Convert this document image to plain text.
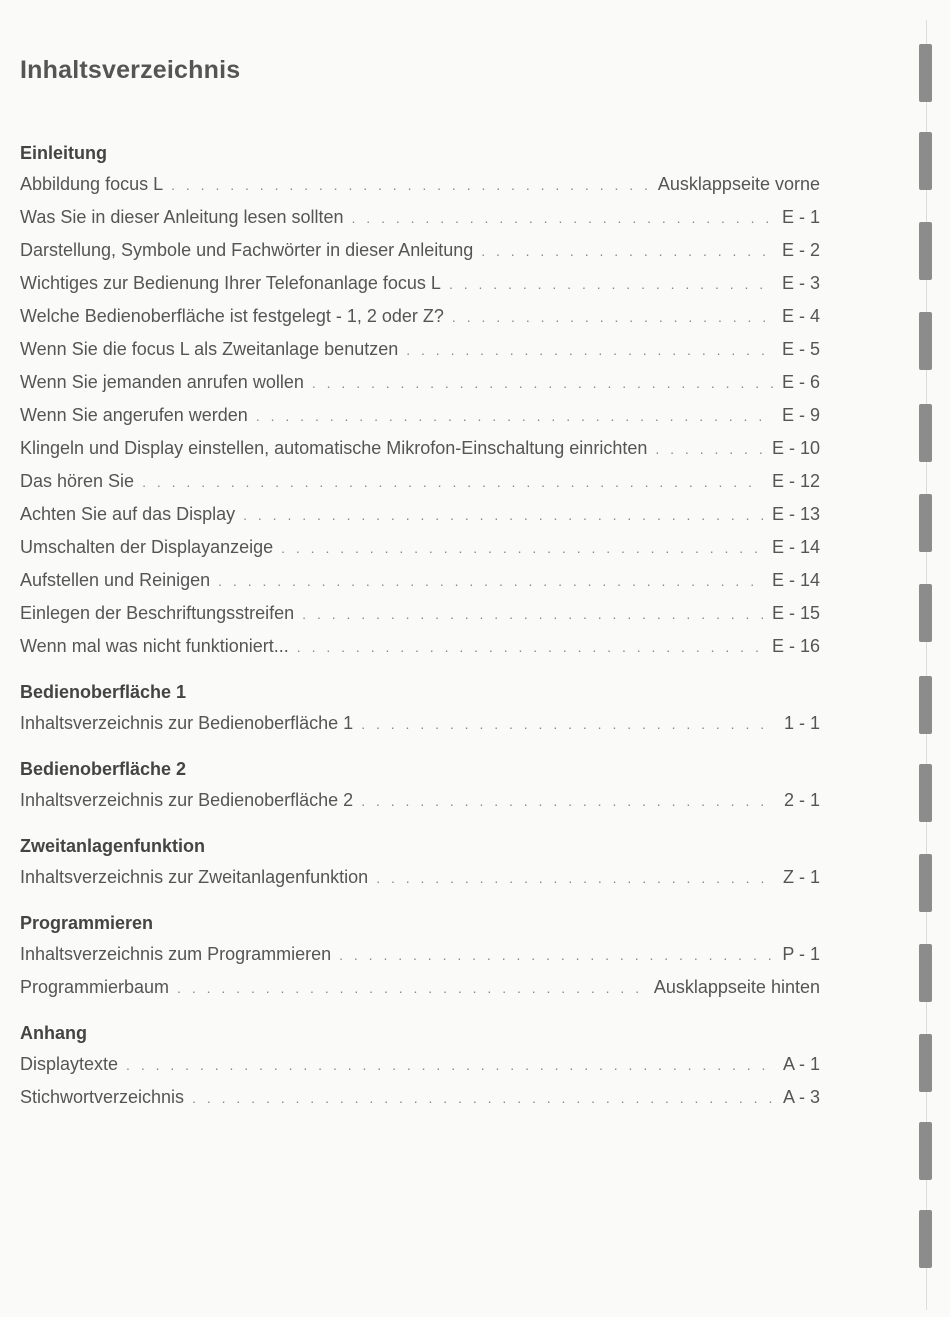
Inhaltsverzeichnis
Einleitung
Abbildung focus L . . .	Ausklappseite vorne
Was Sie in dieser Anleitung lesen sollten . . .	E - 1
Darstellung, Symbole und Fachwörter in dieser Anleitung . . .	E - 2
Wichtiges zur Bedienung Ihrer Telefonanlage focus L . . .	E - 3
Welche Bedienoberfläche ist festgelegt - 1, 2 oder Z? . . .	E - 4
Wenn Sie die focus L als Zweitanlage benutzen . . .	E - 5
Wenn Sie jemanden anrufen wollen . . .	E - 6
Wenn Sie angerufen werden . . .	E - 9
Klingeln und Display einstellen, automatische Mikrofon-Einschaltung einrichten . . .	E - 10
Das hören Sie . . .	E - 12
Achten Sie auf das Display . . .	E - 13
Umschalten der Displayanzeige . . .	E - 14
Aufstellen und Reinigen . . .	E - 14
Einlegen der Beschriftungsstreifen . . .	E - 15
Wenn mal was nicht funktioniert... . . .	E - 16
Bedienoberfläche 1
Inhaltsverzeichnis zur Bedienoberfläche 1 . . .	1 - 1
Bedienoberfläche 2
Inhaltsverzeichnis zur Bedienoberfläche 2 . . .	2 - 1
Zweitanlagenfunktion
Inhaltsverzeichnis zur Zweitanlagenfunktion . . .	Z - 1
Programmieren
Inhaltsverzeichnis zum Programmieren . . .	P - 1
Programmierbaum . . .	Ausklappseite hinten
Anhang
Displaytexte . . .	A - 1
Stichwortverzeichnis . . .	A - 3
